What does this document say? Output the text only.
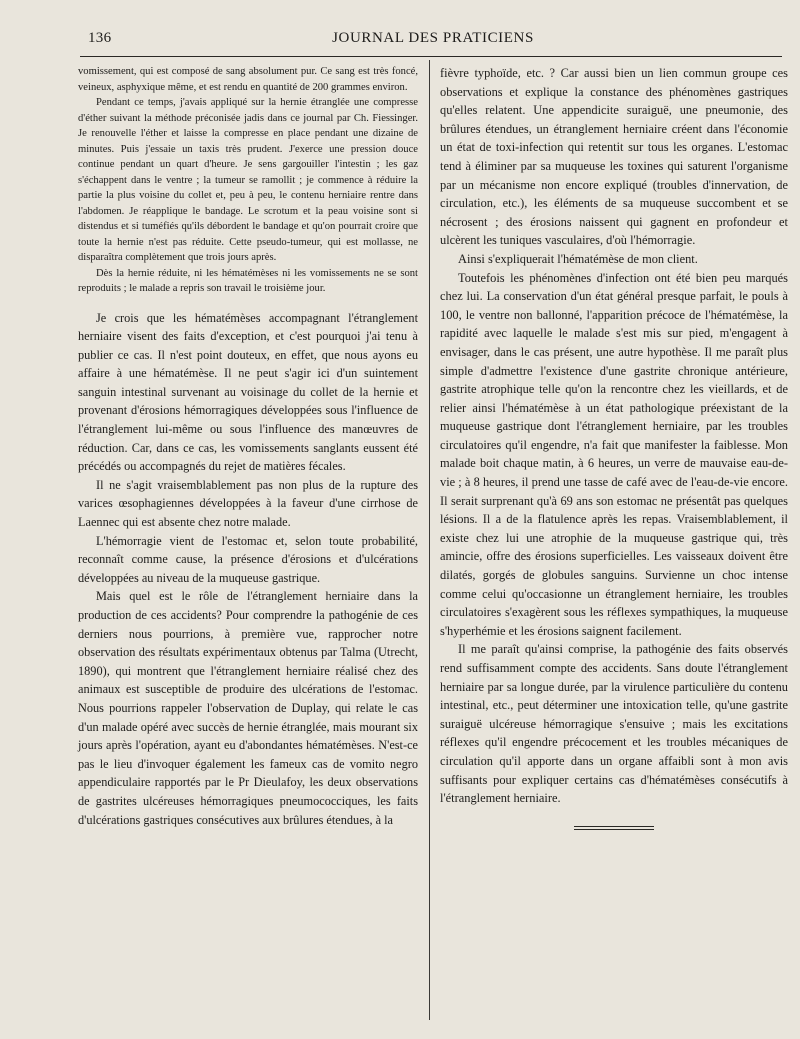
136	JOURNAL DES PRATICIENS

vomissement, qui est composé de sang absolument pur. Ce sang est très foncé, veineux, asphyxique même, et est rendu en quantité de 200 grammes environ.

Pendant ce temps, j'avais appliqué sur la hernie étranglée une compresse d'éther suivant la méthode préconisée jadis dans ce journal par Ch. Fiessinger. Je renouvelle l'éther et laisse la compresse en place pendant une dizaine de minutes. Puis j'essaie un taxis très prudent. J'exerce une pression douce continue pendant un quart d'heure. Je sens gargouiller l'intestin ; les gaz s'échappent dans le ventre ; la tumeur se ramollit ; je commence à réduire la partie la plus voisine du collet et, peu à peu, le contenu herniaire rentre dans l'abdomen. Je réapplique le bandage. Le scrotum et la peau voisine sont si distendus et si tuméfiés qu'ils débordent le bandage et qu'on pourrait croire que toute la hernie n'est pas réduite. Cette pseudo-tumeur, qui est mollasse, ne disparaîtra complètement que trois jours après.

Dès la hernie réduite, ni les hématémèses ni les vomissements ne se sont reproduits ; le malade a repris son travail le troisième jour.

Je crois que les hématémèses accompagnant l'étranglement herniaire visent des faits d'exception, et c'est pourquoi j'ai tenu à publier ce cas. Il n'est point douteux, en effet, que nous ayons eu affaire à une hématémèse. Il ne peut s'agir ici d'un suintement sanguin intestinal survenant au voisinage du collet de la hernie et provenant d'érosions hémorragiques développées sous l'influence de l'étranglement lui-même ou sous l'influence des manœuvres de réduction. Car, dans ce cas, les vomissements sanglants eussent été précédés ou accompagnés du rejet de matières fécales.

Il ne s'agit vraisemblablement pas non plus de la rupture des varices œsophagiennes développées à la faveur d'une cirrhose de Laennec qui est absente chez notre malade.

L'hémorragie vient de l'estomac et, selon toute probabilité, reconnaît comme cause, la présence d'érosions et d'ulcérations développées au niveau de la muqueuse gastrique.

Mais quel est le rôle de l'étranglement herniaire dans la production de ces accidents? Pour comprendre la pathogénie de ces derniers nous pourrions, à première vue, rapprocher notre observation des résultats expérimentaux obtenus par Talma (Utrecht, 1890), qui montrent que l'étranglement herniaire réalisé chez des animaux est susceptible de produire des ulcérations de l'estomac. Nous pourrions rappeler l'observation de Duplay, qui relate le cas d'un malade opéré avec succès de hernie étranglée, mais mourant six jours après l'opération, ayant eu d'abondantes hématémèses. N'est-ce pas le lieu d'invoquer également les fameux cas de vomito negro appendiculaire rapportés par le Pr Dieulafoy, les deux observations de gastrites ulcéreuses hémorragiques pneumococciques, les faits d'ulcérations gastriques consécutives aux brûlures étendues, à la

fièvre typhoïde, etc. ? Car aussi bien un lien commun groupe ces observations et explique la constance des phénomènes gastriques qu'elles relatent. Une appendicite suraiguë, une pneumonie, des brûlures étendues, un étranglement herniaire créent dans l'économie un état de toxi-infection qui retentit sur tous les organes. L'estomac tend à éliminer par sa muqueuse les toxines qui saturent l'organisme par un mécanisme non encore expliqué (troubles d'innervation, de circulation, etc.), les éléments de sa muqueuse succombent et se nécrosent ; des érosions naissent qui gagnent en profondeur et ulcèrent les tuniques vasculaires, d'où l'hémorragie.

Ainsi s'expliquerait l'hématémèse de mon client.

Toutefois les phénomènes d'infection ont été bien peu marqués chez lui. La conservation d'un état général presque parfait, le pouls à 100, le ventre non ballonné, l'apparition précoce de l'hématémèse, la rapidité avec laquelle le malade s'est mis sur pied, m'engagent à envisager, dans le cas présent, une autre hypothèse. Il me paraît plus simple d'admettre l'existence d'une gastrite chronique antérieure, gastrite atrophique telle qu'on la rencontre chez les vieillards, et de relier ainsi l'hématémèse à un état pathologique préexistant de la muqueuse gastrique dont l'étranglement herniaire, par les troubles circulatoires qu'il engendre, n'a fait que manifester la faiblesse. Mon malade boit chaque matin, à 6 heures, un verre de mauvaise eau-de-vie ; à 8 heures, il prend une tasse de café avec de l'eau-de-vie encore. Il serait surprenant qu'à 69 ans son estomac ne présentât pas quelques lésions. Il a de la flatulence après les repas. Vraisemblablement, il existe chez lui une atrophie de la muqueuse gastrique qui, très amincie, offre des érosions superficielles. Les vaisseaux doivent être dilatés, gorgés de globules sanguins. Survienne un choc intense comme celui qu'occasionne un étranglement herniaire, les troubles circulatoires s'exagèrent sous les réflexes sympathiques, la muqueuse s'hyperhémie et les érosions saignent facilement.

Il me paraît qu'ainsi comprise, la pathogénie des faits observés rend suffisamment compte des accidents. Sans doute l'étranglement herniaire par sa longue durée, par la virulence particulière du contenu intestinal, etc., peut déterminer une intoxication telle, qu'une gastrite suraiguë ulcéreuse hémorragique s'ensuive ; mais les excitations réflexes qu'il engendre précocement et les troubles mécaniques de circulation qu'il apporte dans un organe affaibli sont à mon avis suffisants pour expliquer certains cas d'hématémèses consécutifs à l'étranglement herniaire.
